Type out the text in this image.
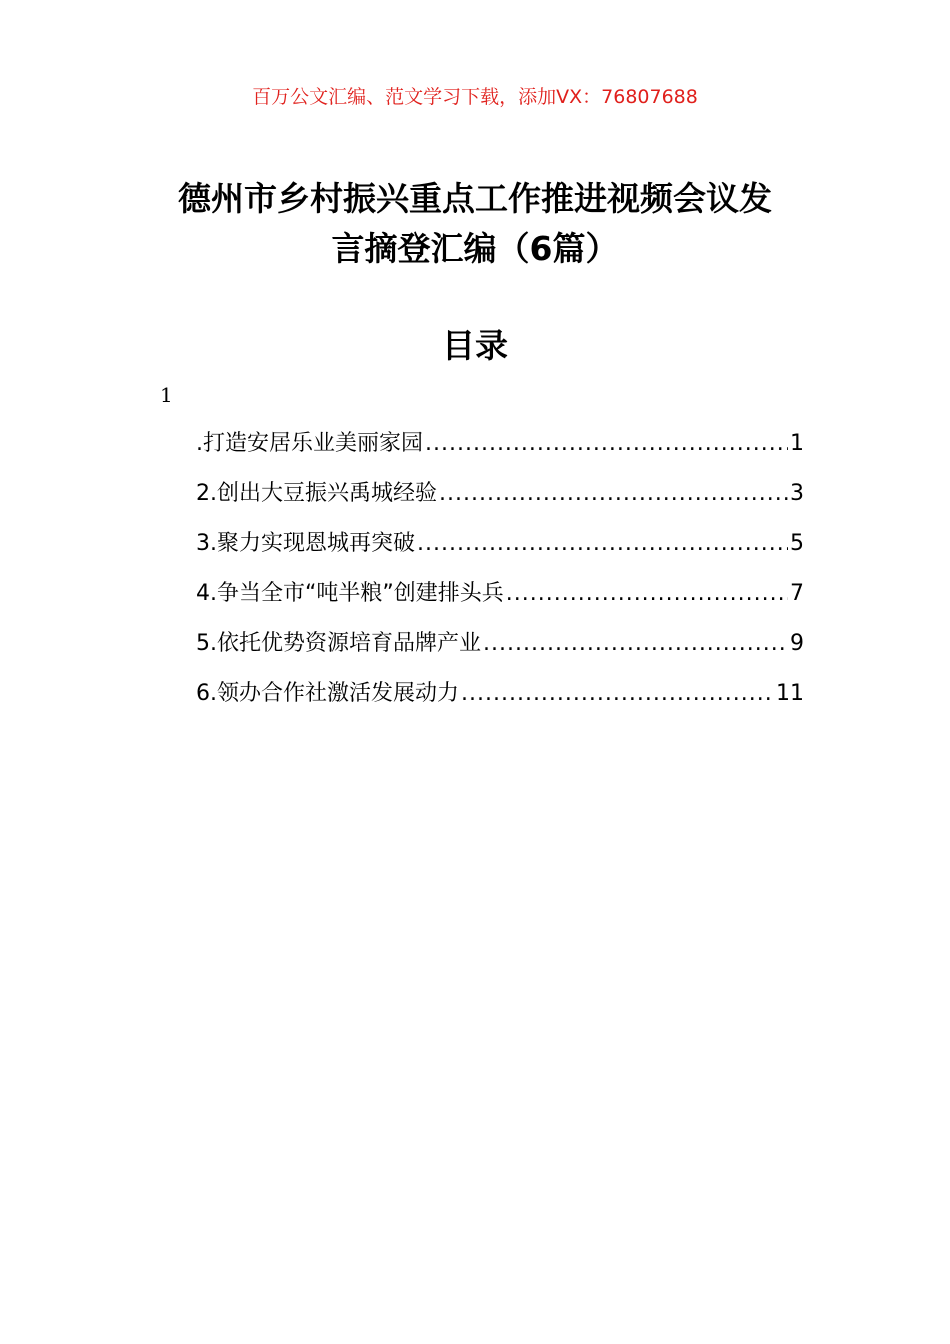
百万公文汇编、范文学习下载，添加VX：76807688
德州市乡村振兴重点工作推进视频会议发
言摘登汇编（6篇）
目录
1
.打造安居乐业美丽家园 .....	1
2.创出大豆振兴禹城经验 .....	3
3.聚力实现恩城再突破 .....	5
4.争当全市“吨半粮”创建排头兵 .....	7
5.依托优势资源培育品牌产业 .....	9
6.领办合作社激活发展动力 .....	11
